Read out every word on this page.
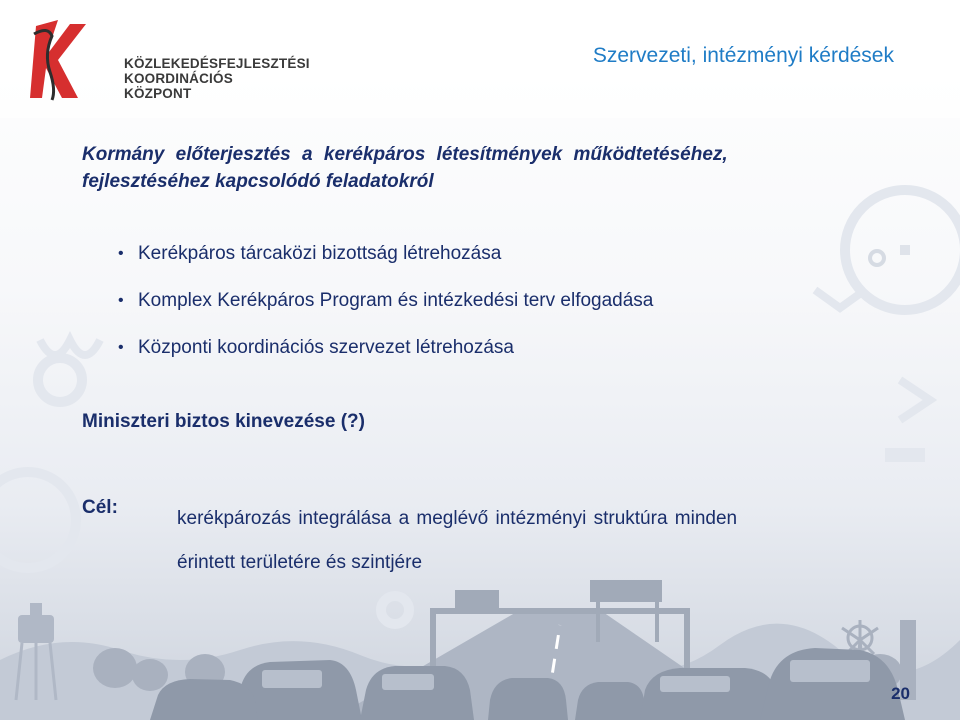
KÖZLEKEDÉSFEJLESZTÉSI
KOORDINÁCIÓS
KÖZPONT
Szervezeti, intézményi kérdések
Kormány előterjesztés a kerékpáros létesítmények működtetéséhez,
fejlesztéséhez kapcsolódó feladatokról
• Kerékpáros tárcaközi bizottság létrehozása
• Komplex Kerékpáros Program és intézkedési terv elfogadása
• Központi koordinációs szervezet létrehozása
Miniszteri biztos kinevezése (?)
Cél:
kerékpározás integrálása a meglévő intézményi struktúra minden
érintett területére és szintjére
20
